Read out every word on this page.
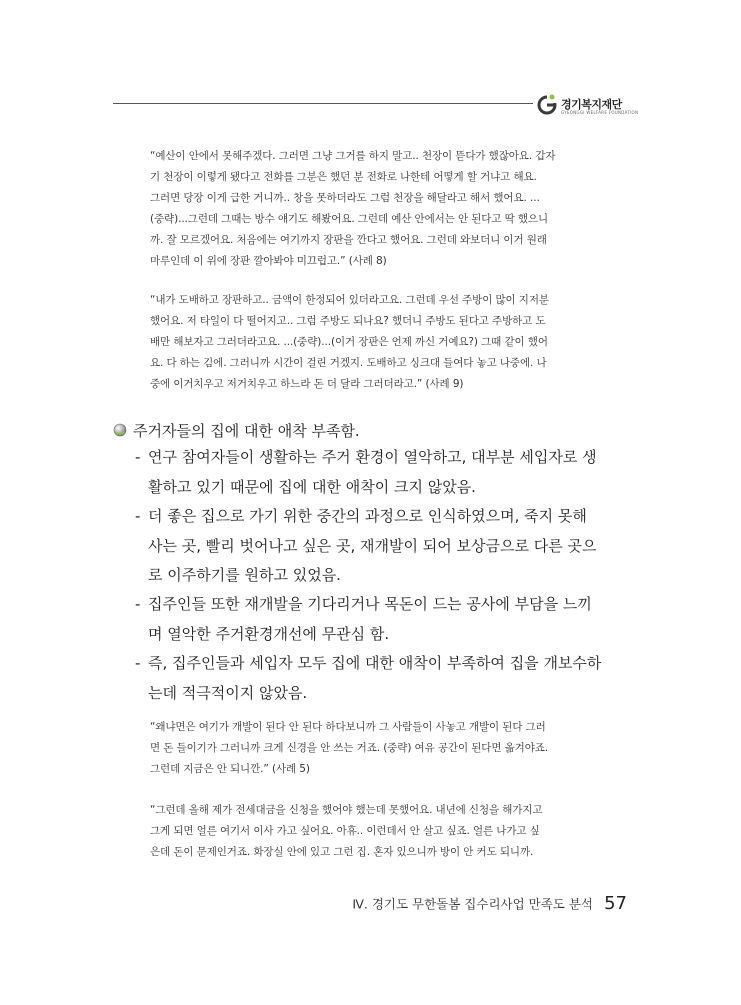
경기복지재단
GYEONGGI WELFARE FOUNDATION
“예산이 안에서 못해주겠다. 그러면 그냥 그거를 하지 말고.. 천장이 뜯다가 했잖아요. 갑자
기 천장이 이렇게 됐다고 전화를 그분은 했던 분 전화로 나한테 어떻게 할 거냐고 해요.
그러면 당장 이게 급한 거니까.. 창을 못하더라도 그럼 천장을 해달라고 해서 했어요. ...
(중략)...그런데 그때는 방수 얘기도 해봤어요. 그런데 예산 안에서는 안 된다고 딱 했으니
까. 잘 모르겠어요. 처음에는 여기까지 장판을 깐다고 했어요. 그런데 와보더니 이거 원래
마루인데 이 위에 장판 깔아봐야 미끄럽고.” (사례 8)
“내가 도배하고 장판하고.. 금액이 한정되어 있더라고요. 그런데 우선 주방이 많이 지저분
했어요. 저 타일이 다 떨어지고.. 그럼 주방도 되나요? 했더니 주방도 된다고 주방하고 도
배만 해보자고 그러더라고요. ...(중략)...(이거 장판은 언제 까신 거예요?) 그때 같이 했어
요. 다 하는 김에. 그러니까 시간이 걸린 거겠지. 도배하고 싱크대 들여다 놓고 나중에. 나
중에 이거치우고 저거치우고 하느라 돈 더 달라 그러더라고.” (사례 9)
주거자들의 집에 대한 애착 부족함.
- 연구 참여자들이 생활하는 주거 환경이 열악하고, 대부분 세입자로 생
활하고 있기 때문에 집에 대한 애착이 크지 않았음.
- 더 좋은 집으로 가기 위한 중간의 과정으로 인식하였으며, 죽지 못해
사는 곳, 빨리 벗어나고 싶은 곳, 재개발이 되어 보상금으로 다른 곳으
로 이주하기를 원하고 있었음.
- 집주인들 또한 재개발을 기다리거나 목돈이 드는 공사에 부담을 느끼
며 열악한 주거환경개선에 무관심 함.
- 즉, 집주인들과 세입자 모두 집에 대한 애착이 부족하여 집을 개보수하
는데 적극적이지 않았음.
“왜냐면은 여기가 개발이 된다 안 된다 하다보니까 그 사람들이 사놓고 개발이 된다 그러
면 돈 들이기가 그러니까 크게 신경을 안 쓰는 거죠. (중략) 여유 공간이 된다면 옮겨야죠.
그런데 지금은 안 되니깐.” (사례 5)
“그런데 올해 제가 전세대금을 신청을 했어야 했는데 못했어요. 내년에 신청을 해가지고
그게 되면 얼른 여기서 이사 가고 싶어요. 아휴.. 이런데서 안 살고 싶죠. 얼른 나가고 싶
은데 돈이 문제인거죠. 화장실 안에 있고 그런 집. 혼자 있으니까 방이 안 커도 되니까.
Ⅳ. 경기도 무한돌봄 집수리사업 만족도 분석 57
